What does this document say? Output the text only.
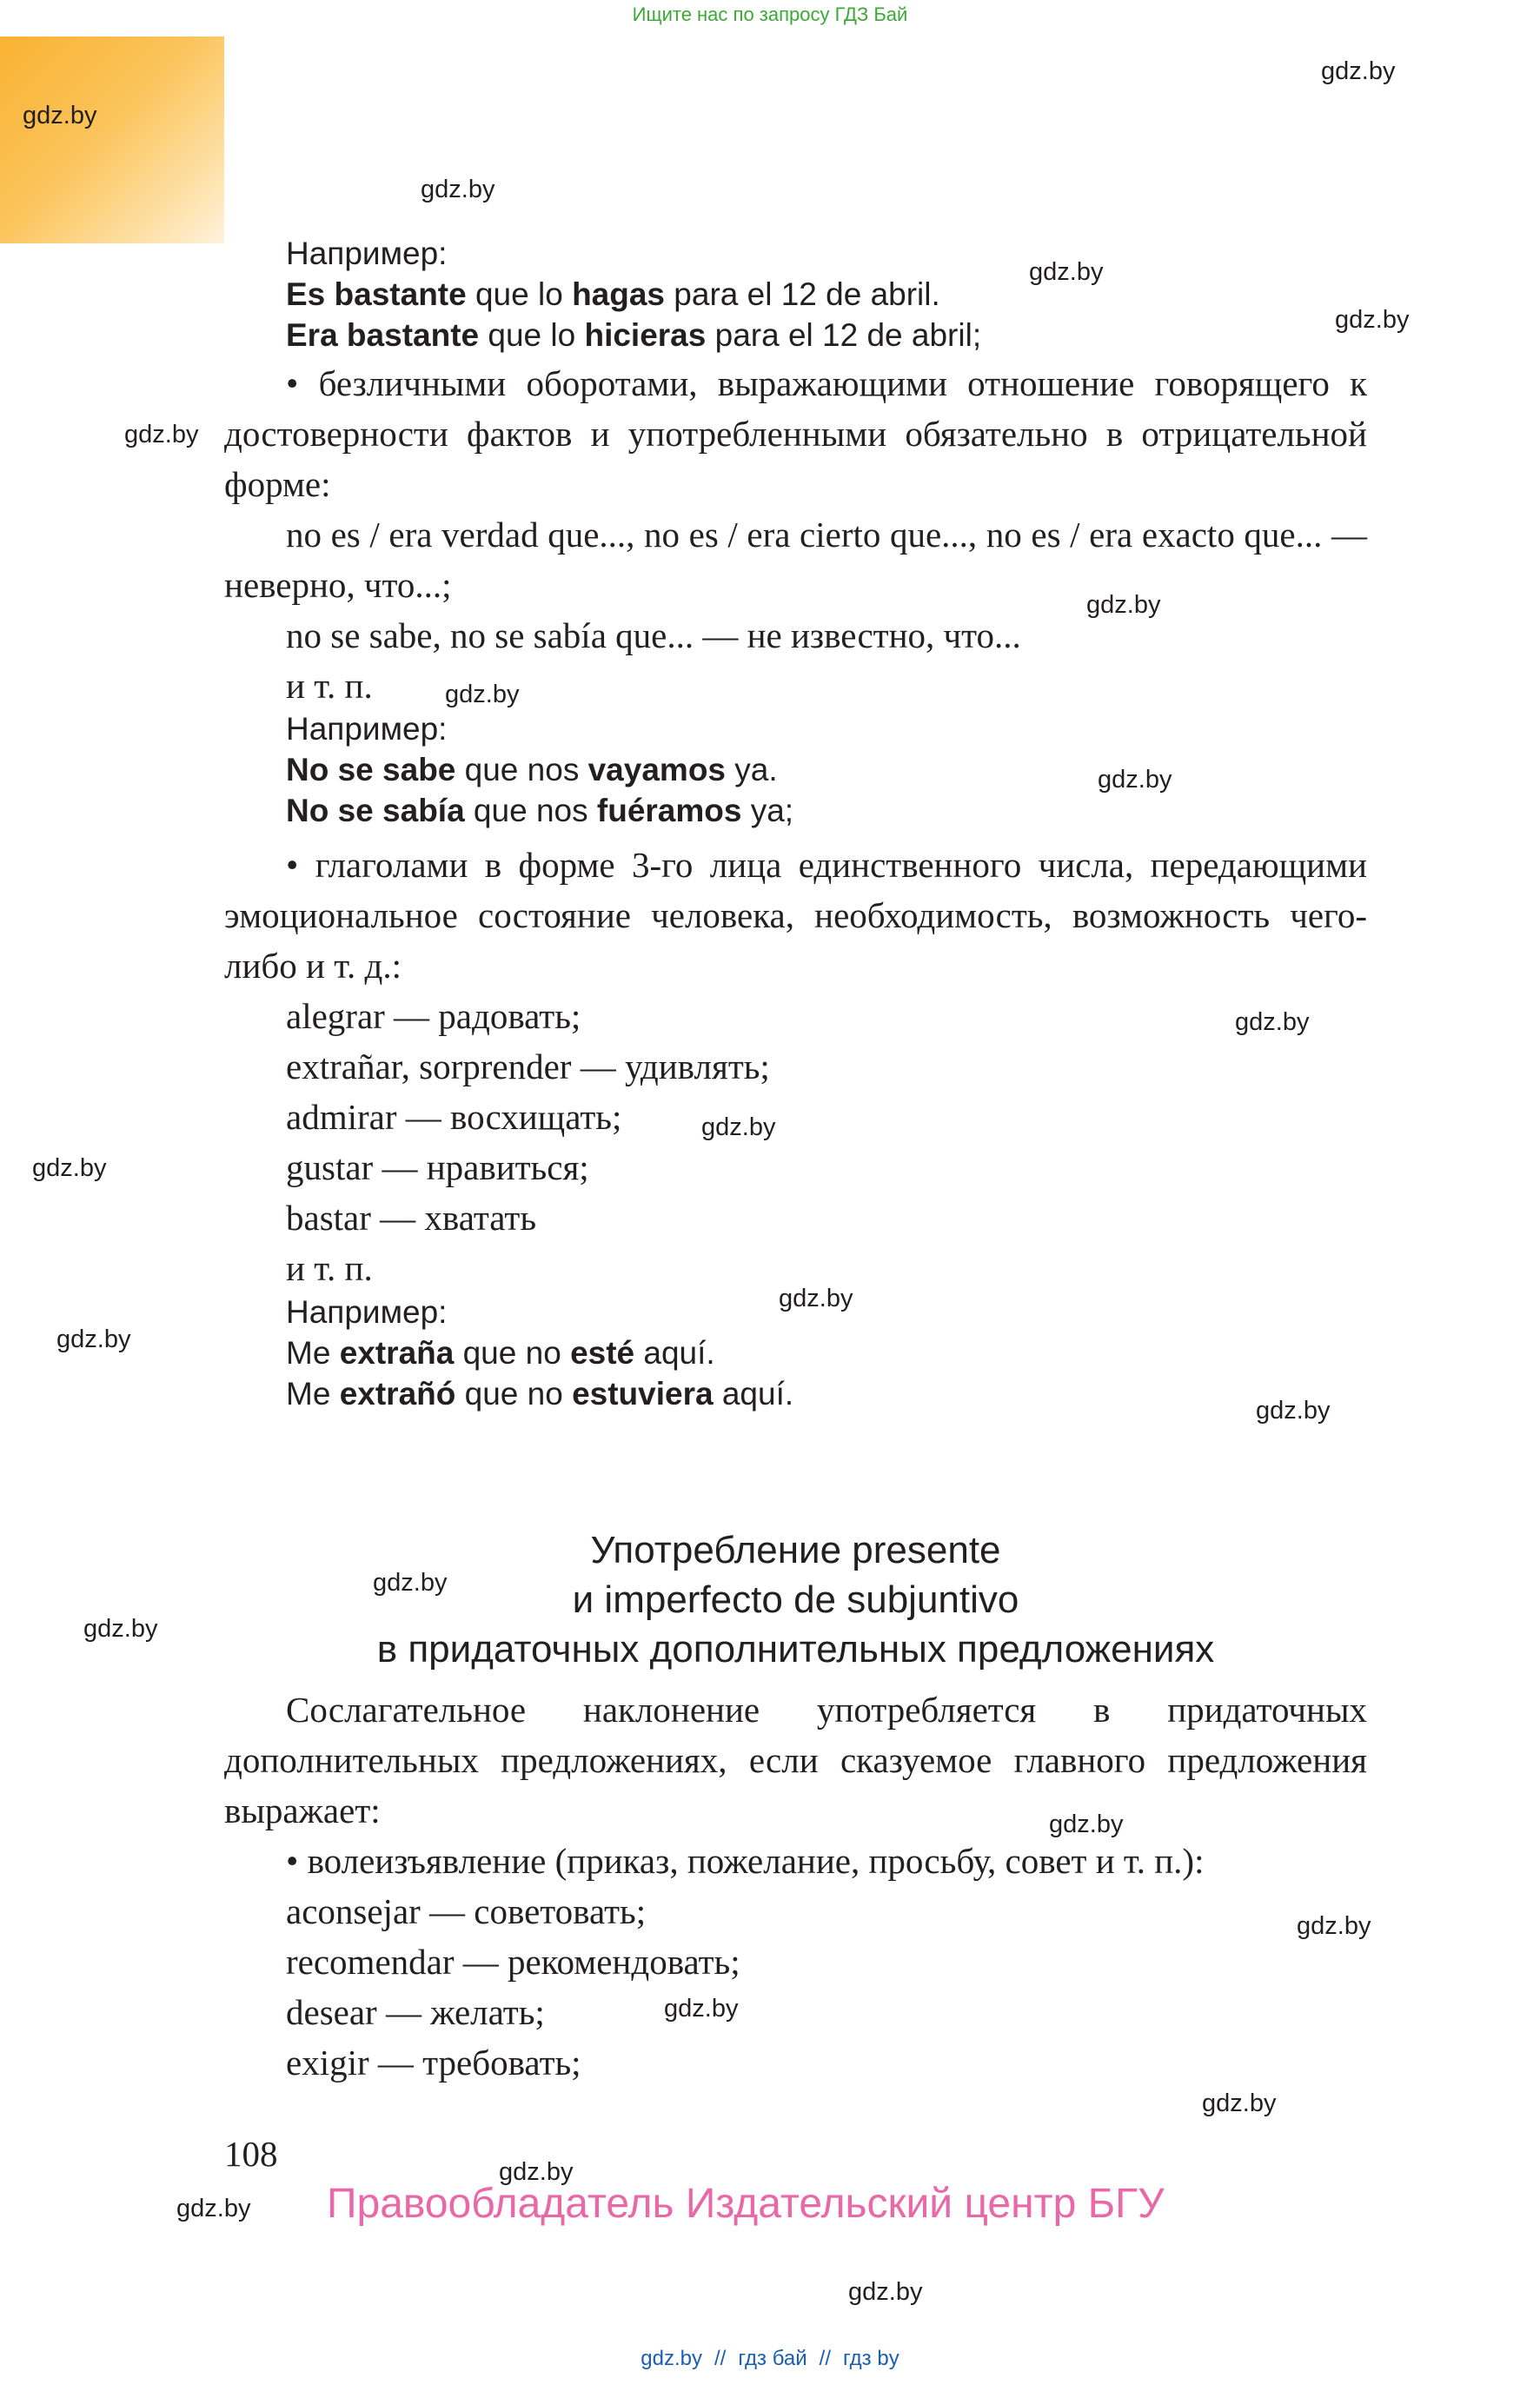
Ищите нас по запросу ГДЗ Бай
gdz.by
gdz.by
gdz.by
gdz.by
gdz.by
gdz.by
gdz.by
gdz.by
gdz.by
gdz.by
gdz.by
gdz.by
gdz.by
gdz.by
gdz.by
gdz.by
gdz.by
gdz.by
gdz.by
gdz.by
gdz.by
gdz.by
gdz.by
gdz.by

Например:

Es bastante que lo hagas para el 12 de abril.

Era bastante que lo hicieras para el 12 de abril;

• безличными оборотами, выражающими отношение говорящего к достоверности фактов и употребленными обязательно в отрицательной форме:
no es / era verdad que..., no es / era cierto que..., no es / era exacto que... — неверно, что...;
no se sabe, no se sabía que... — не известно, что...
и т. п.

Например:

No se sabe que nos vayamos ya.

No se sabía que nos fuéramos ya;

• глаголами в форме 3-го лица единственного числа, передающими эмоциональное состояние человека, необходимость, возможность чего-либо и т. д.:
alegrar — радовать;
extrañar, sorprender — удивлять;
admirar — восхищать;
gustar — нравиться;
bastar — хватать
и т. п.

Например:

Me extraña que no esté aquí.

Me extrañó que no estuviera aquí.

Употребление presente
и imperfecto de subjuntivo
в придаточных дополнительных предложениях
Сослагательное наклонение употребляется в придаточных дополнительных предложениях, если сказуемое главного предложения выражает:
• волеизъявление (приказ, пожелание, просьбу, совет и т. п.):
aconsejar — советовать;
recomendar — рекомендовать;
desear — желать;
exigir — требовать;
108
Правообладатель Издательский центр БГУ
gdz.by // гдз бай // гдз by
